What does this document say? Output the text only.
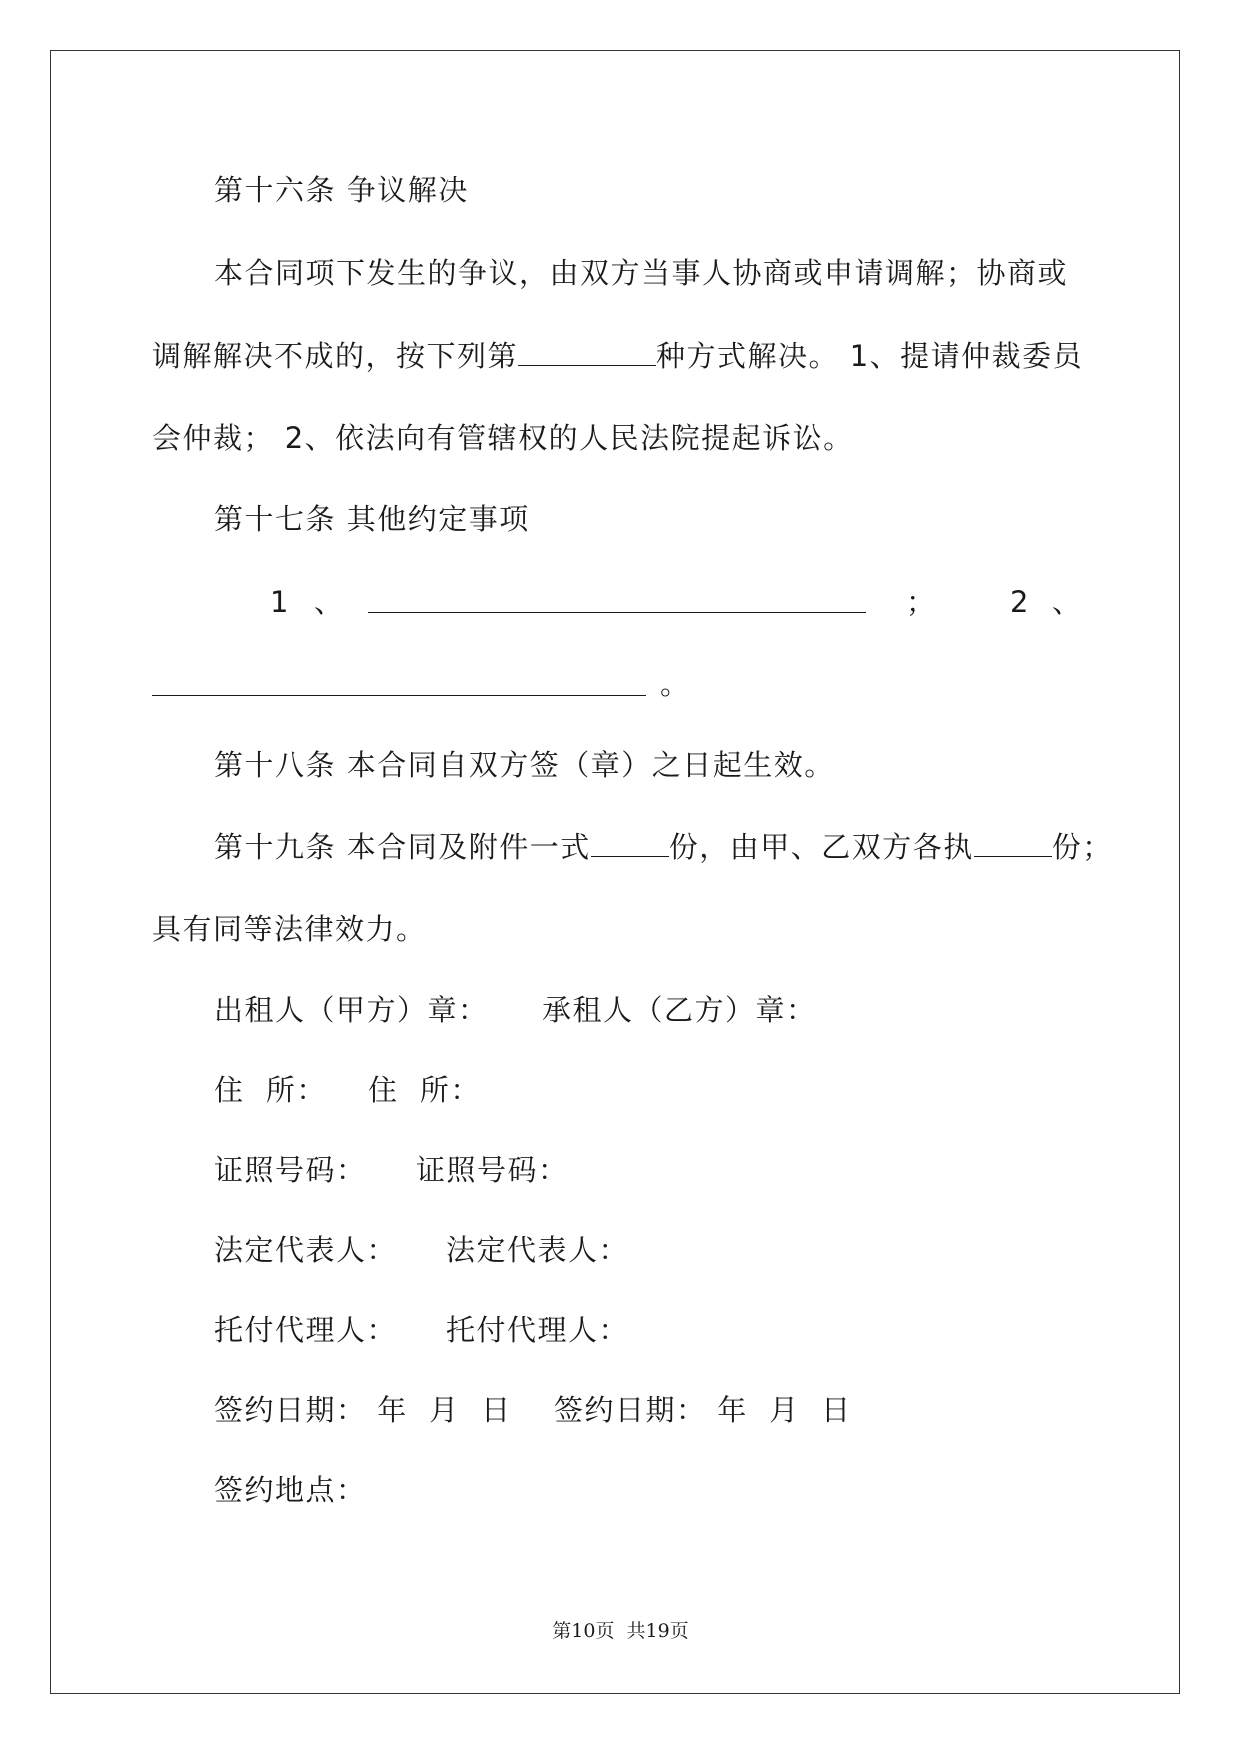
第十六条 争议解决
本合同项下发生的争议，由双方当事人协商或申请调解；协商或
调解解决不成的，按下列第	种方式解决。 1、提请仲裁委员
会仲裁； 2、依法向有管辖权的人民法院提起诉讼。
第十七条 其他约定事项
1 、	；	2 、
。
第十八条 本合同自双方签（章）之日起生效。
第十九条 本合同及附件一式	份，由甲、乙双方各执	份；
具有同等法律效力。
出租人（甲方）章： 承租人（乙方）章：
住  所： 住  所：
证照号码： 证照号码：
法定代表人： 法定代表人：
托付代理人： 托付代理人：
签约日期： 年  月  日 签约日期： 年  月  日
签约地点：
第10页  共19页
